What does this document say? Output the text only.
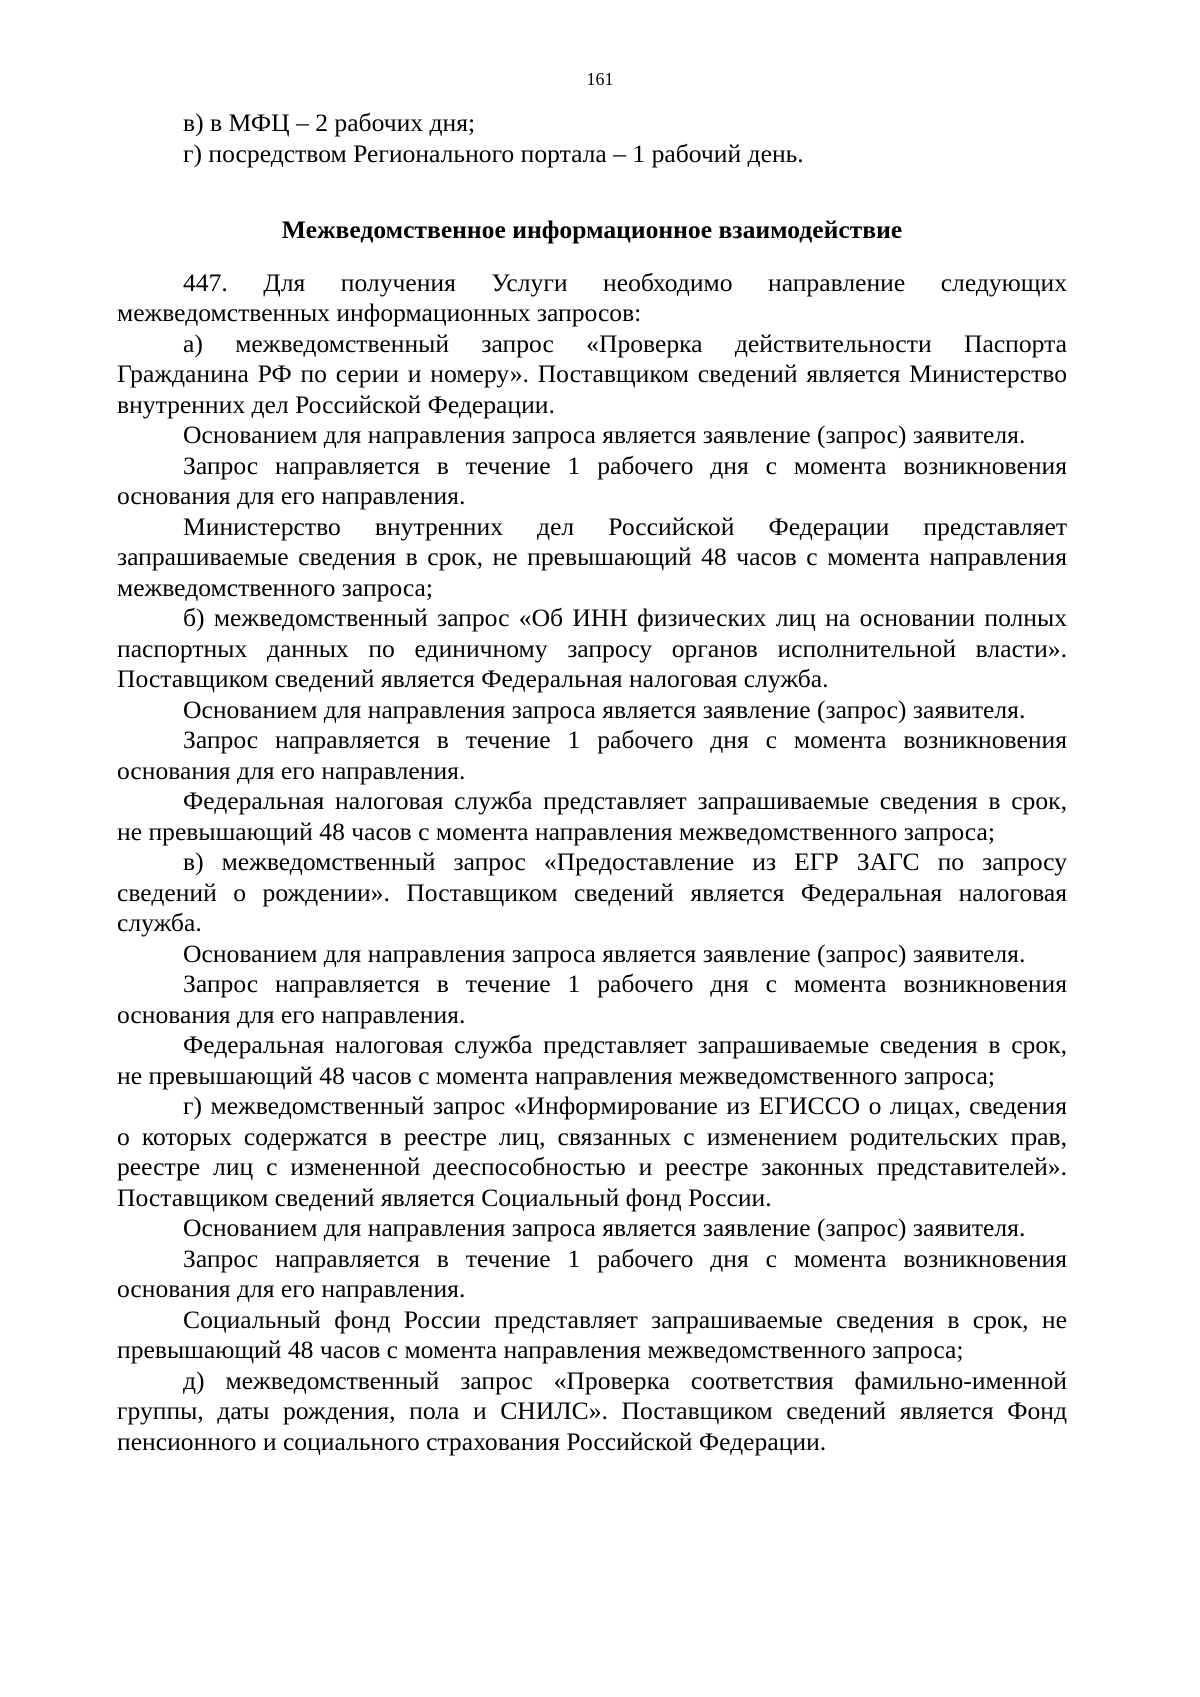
161

в) в МФЦ – 2 рабочих дня;

г) посредством Регионального портала – 1 рабочий день.

Межведомственное информационное взаимодействие

447. Для получения Услуги необходимо направление следующих межведомственных информационных запросов:

а) межведомственный запрос «Проверка действительности Паспорта Гражданина РФ по серии и номеру». Поставщиком сведений является Министерство внутренних дел Российской Федерации.

Основанием для направления запроса является заявление (запрос) заявителя.

Запрос направляется в течение 1 рабочего дня с момента возникновения основания для его направления.

Министерство внутренних дел Российской Федерации представляет запрашиваемые сведения в срок, не превышающий 48 часов с момента направления межведомственного запроса;

б) межведомственный запрос «Об ИНН физических лиц на основании полных паспортных данных по единичному запросу органов исполнительной власти». Поставщиком сведений является Федеральная налоговая служба.

Основанием для направления запроса является заявление (запрос) заявителя.

Запрос направляется в течение 1 рабочего дня с момента возникновения основания для его направления.

Федеральная налоговая служба представляет запрашиваемые сведения в срок, не превышающий 48 часов с момента направления межведомственного запроса;

в) межведомственный запрос «Предоставление из ЕГР ЗАГС по запросу сведений о рождении». Поставщиком сведений является Федеральная налоговая служба.

Основанием для направления запроса является заявление (запрос) заявителя.

Запрос направляется в течение 1 рабочего дня с момента возникновения основания для его направления.

Федеральная налоговая служба представляет запрашиваемые сведения в срок, не превышающий 48 часов с момента направления межведомственного запроса;

г) межведомственный запрос «Информирование из ЕГИССО о лицах, сведения о которых содержатся в реестре лиц, связанных с изменением родительских прав, реестре лиц с измененной дееспособностью и реестре законных представителей». Поставщиком сведений является Социальный фонд России.

Основанием для направления запроса является заявление (запрос) заявителя.

Запрос направляется в течение 1 рабочего дня с момента возникновения основания для его направления.

Социальный фонд России представляет запрашиваемые сведения в срок, не превышающий 48 часов с момента направления межведомственного запроса;

д) межведомственный запрос «Проверка соответствия фамильно-именной группы, даты рождения, пола и СНИЛС». Поставщиком сведений является Фонд пенсионного и социального страхования Российской Федерации.
